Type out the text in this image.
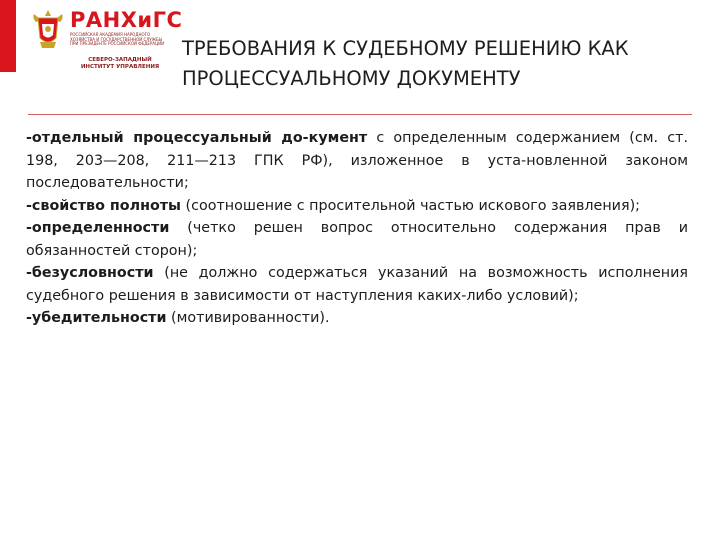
РАНХиГС
РОССИЙСКАЯ АКАДЕМИЯ НАРОДНОГО ХОЗЯЙСТВА И ГОСУДАРСТВЕННОЙ СЛУЖБЫ ПРИ ПРЕЗИДЕНТЕ РОССИЙСКОЙ ФЕДЕРАЦИИ
СЕВЕРО-ЗАПАДНЫЙ ИНСТИТУТ УПРАВЛЕНИЯ
ТРЕБОВАНИЯ К СУДЕБНОМУ РЕШЕНИЮ КАК ПРОЦЕССУАЛЬНОМУ ДОКУМЕНТУ

-отдельный процессуальный до-кумент с определенным содержанием (см. ст. 198, 203—208, 211—213 ГПК РФ), изложенное в уста-новленной законом последовательности;

-свойство полноты (соотношение с просительной частью искового заявления);

-определенности (четко решен вопрос относительно содержания прав и обязанностей сторон);

-безусловности (не должно содержаться указаний на возможность исполнения судебного решения в зависимости от наступления каких-либо условий);

-убедительности (мотивированности).
